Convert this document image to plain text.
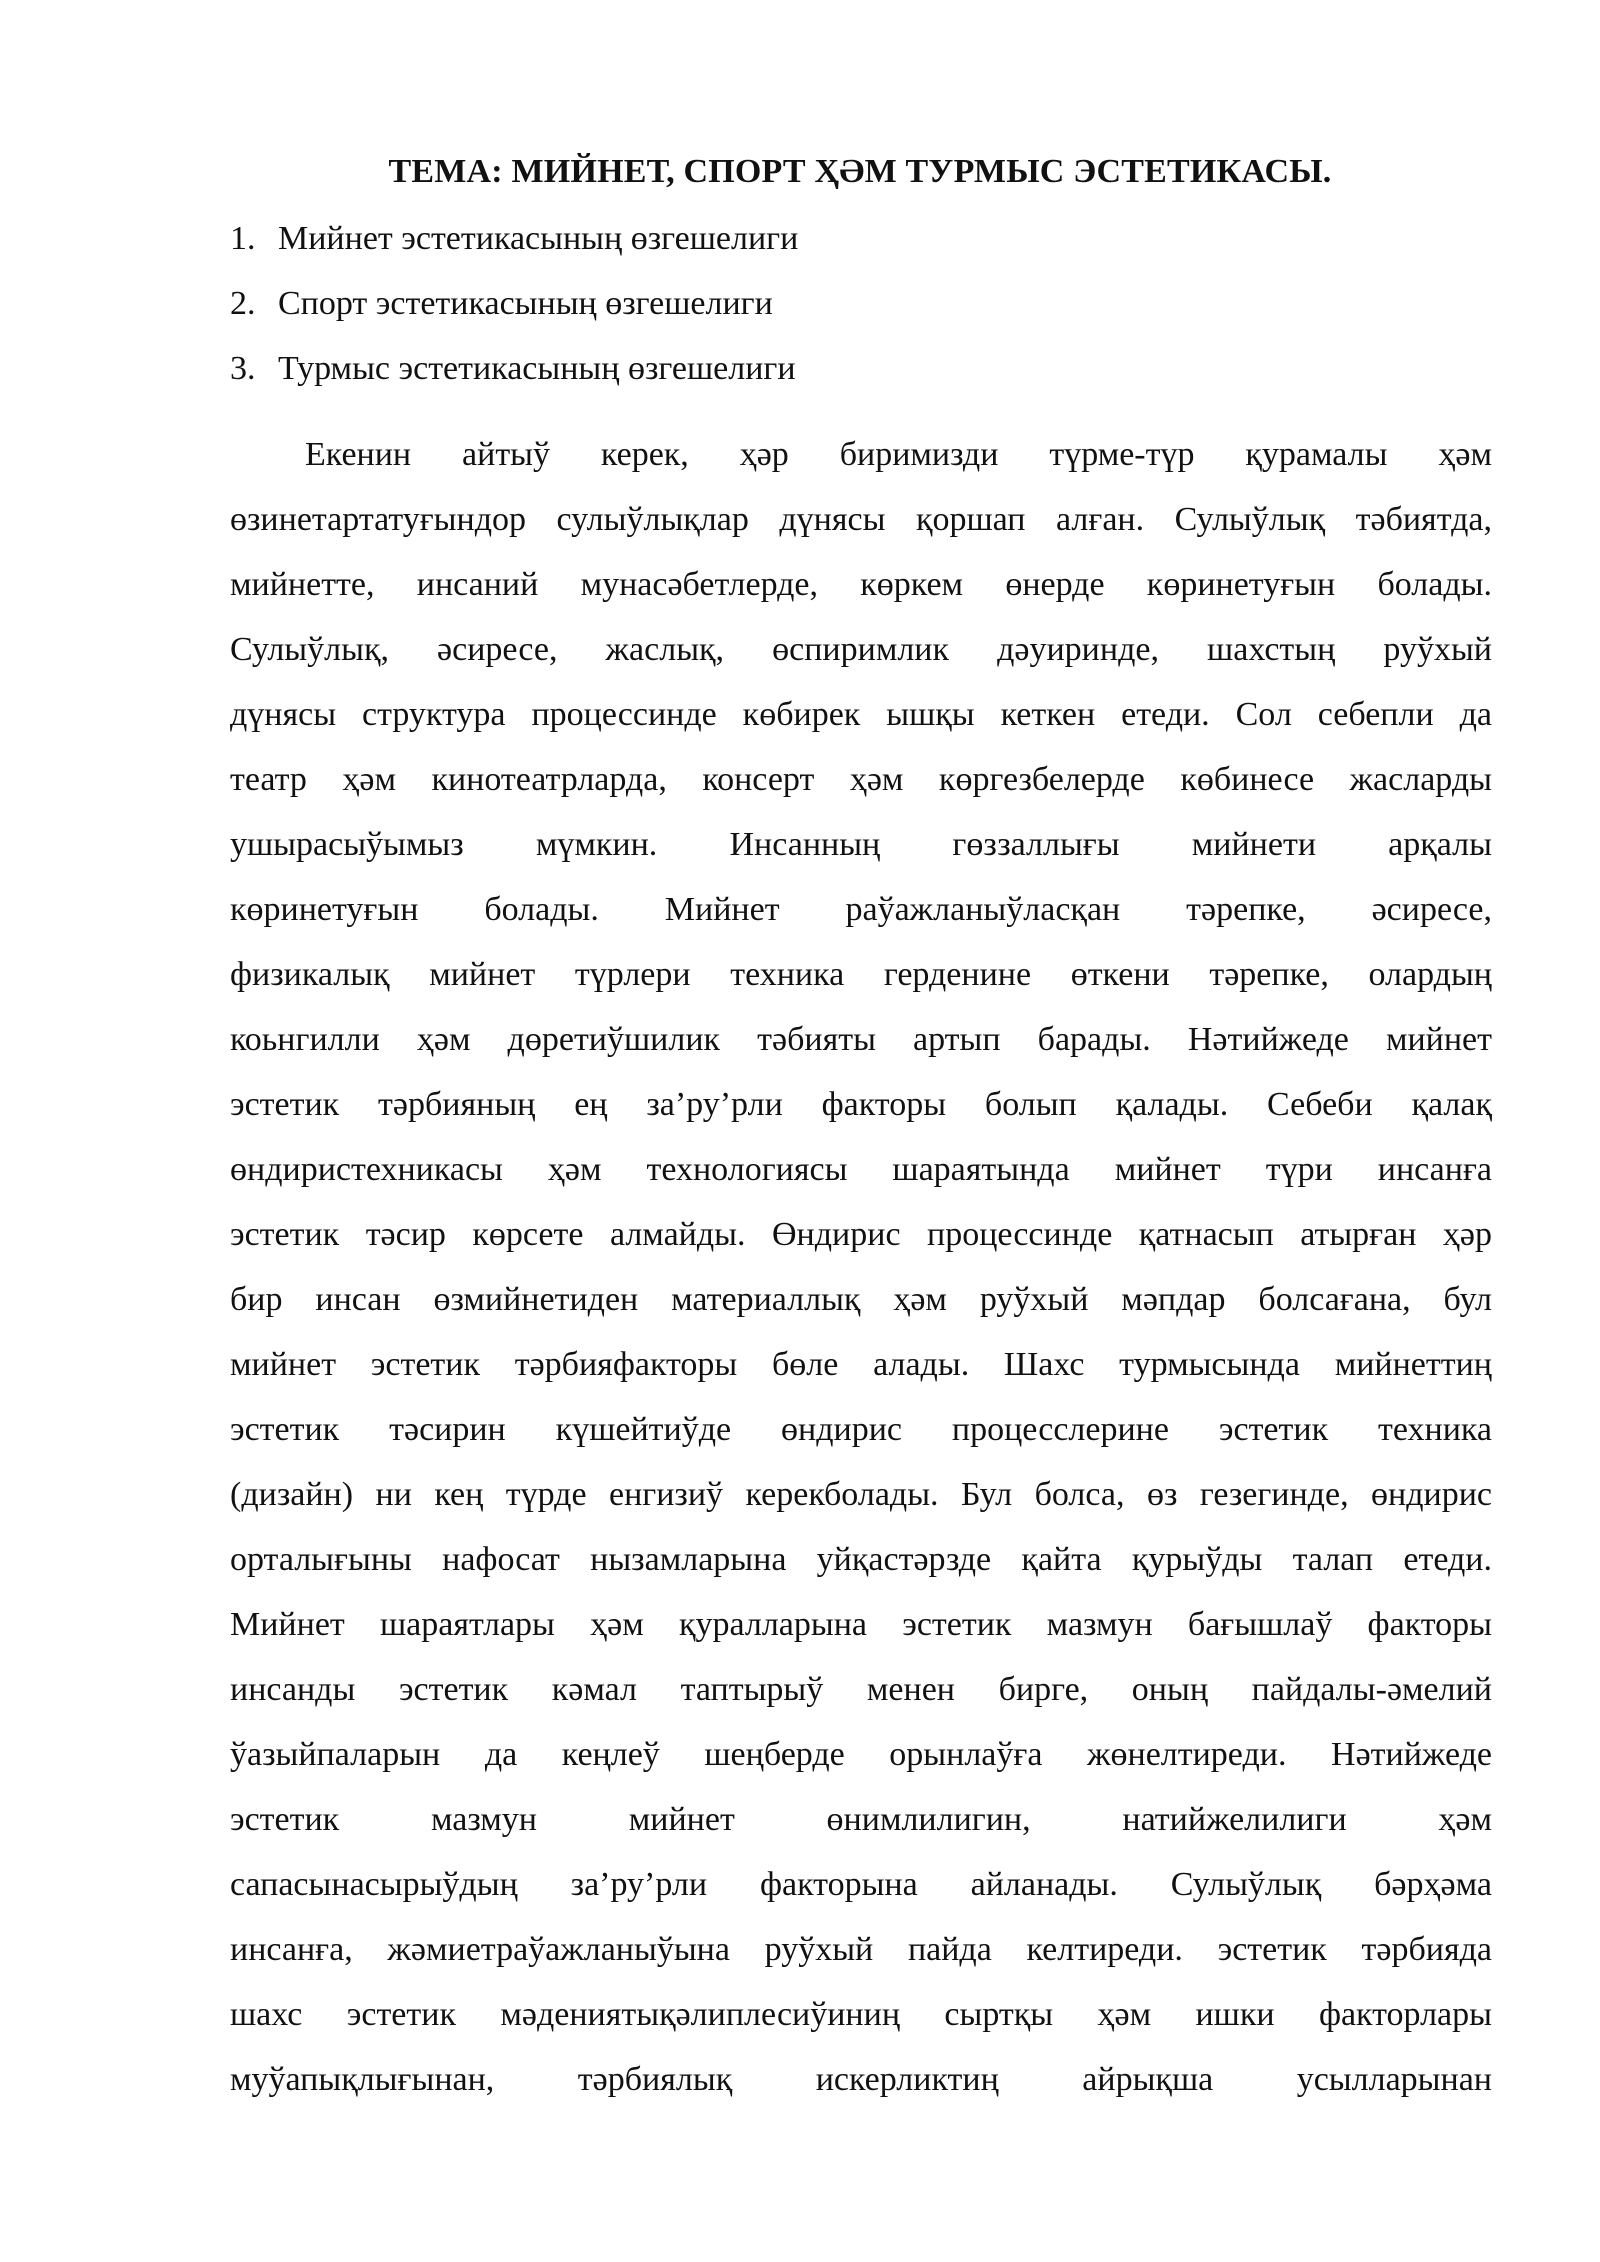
ТЕМА: МИЙНЕТ, СПОРТ ҲӘМ ТУРМЫС ЭСТЕТИКАСЫ.
1. Мийнет эстетикасының өзгешелиги
2. Спорт эстетикасының өзгешелиги
3. Турмыс эстетикасының өзгешелиги
Екенин айтыў керек, ҳәр биримизди түрме-түр қурамалы ҳәм
өзинетартатуғындор сулыўлықлар дүнясы қоршап алған. Сулыўлық тәбиятда,
мийнетте, инсаний мунасәбетлерде, көркем өнерде көринетуғын болады.
Сулыўлық, әсиресе, жаслық, өспиримлик дәуиринде, шахстың руўхый
дүнясы структура процессинде көбирек ышқы кеткен етеди. Сол себепли да
театр ҳәм кинотеатрларда, консерт ҳәм көргезбелерде көбинесе жасларды
ушырасыўымыз мүмкин. Инсанның гөззаллығы мийнети арқалы
көринетуғын болады. Мийнет раўажланыўласқан тәрепке, әсиресе,
физикалық мийнет түрлери техника герденине өткени тәрепке, олардың
коьнгилли ҳәм дөретиўшилик тәбияты артып барады. Нәтийжеде мийнет
эстетик тәрбияның ең за’ру’рли факторы болып қалады. Себеби қалақ
өндиристехникасы ҳәм технологиясы шараятында мийнет түри инсанға
эстетик тәсир көрсете алмайды. Өндирис процессинде қатнасып атырған ҳәр
бир инсан өзмийнетиден материаллық ҳәм руўхый мәпдар болсағана, бул
мийнет эстетик тәрбияфакторы бөле алады. Шахс турмысында мийнеттиң
эстетик тәсирин күшейтиўде өндирис процесслерине эстетик техника
(дизайн) ни кең түрде енгизиў керекболады. Бул болса, өз гезегинде, өндирис
орталығыны нафосат нызамларына уйқастәрзде қайта қурыўды талап етеди.
Мийнет шараятлары ҳәм қуралларына эстетик мазмун бағышлаў факторы
инсанды эстетик кәмал таптырыў менен бирге, оның пайдалы-әмелий
ўазыйпаларын да кеңлеў шеңберде орынлаўға жөнелтиреди. Нәтийжеде
эстетик мазмун мийнет өнимлилигин, натийжелилиги ҳәм
сапасынасырыўдың за’ру’рли факторына айланады. Сулыўлық бәрҳәма
инсанға, жәмиетраўажланыўына руўхый пайда келтиреди. эстетик тәрбияда
шахс эстетик мәдениятықәлиплесиўиниң сыртқы ҳәм ишки факторлары
муўапықлығынан, тәрбиялық искерликтиң айрықша усылларынан
